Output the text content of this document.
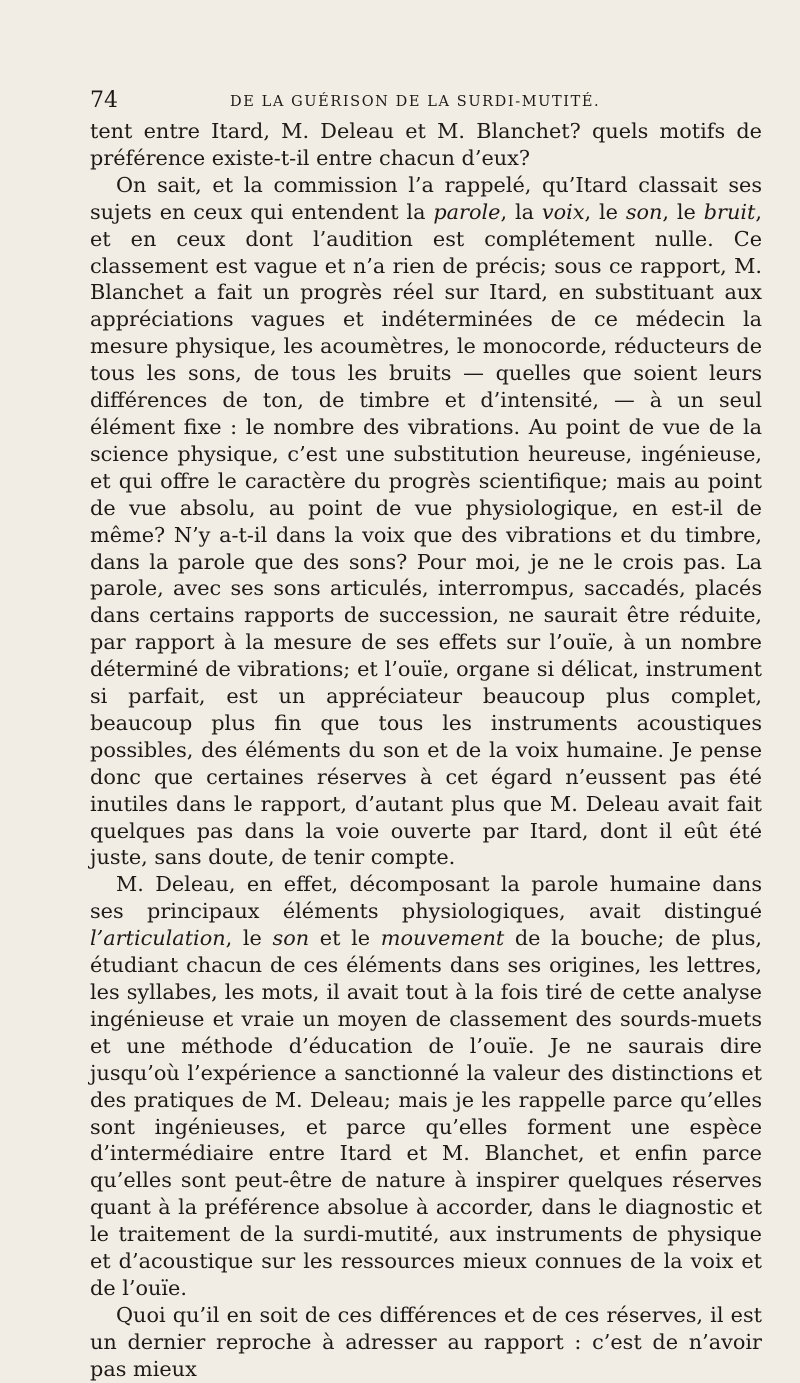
74	DE LA GUÉRISON DE LA SURDI-MUTITÉ.

tent entre Itard, M. Deleau et M. Blanchet? quels motifs de préférence existe-t-il entre chacun d’eux?

On sait, et la commission l’a rappelé, qu’Itard classait ses sujets en ceux qui entendent la parole, la voix, le son, le bruit, et en ceux dont l’audition est complétement nulle. Ce classement est vague et n’a rien de précis; sous ce rapport, M. Blanchet a fait un progrès réel sur Itard, en substituant aux appréciations vagues et indéterminées de ce médecin la mesure physique, les acoumètres, le monocorde, réducteurs de tous les sons, de tous les bruits — quelles que soient leurs différences de ton, de timbre et d’intensité, — à un seul élément fixe : le nombre des vibrations. Au point de vue de la science physique, c’est une substitution heureuse, ingénieuse, et qui offre le caractère du progrès scientifique; mais au point de vue absolu, au point de vue physiologique, en est-il de même? N’y a-t-il dans la voix que des vibrations et du timbre, dans la parole que des sons? Pour moi, je ne le crois pas. La parole, avec ses sons articulés, interrompus, saccadés, placés dans certains rapports de succession, ne saurait être réduite, par rapport à la mesure de ses effets sur l’ouïe, à un nombre déterminé de vibrations; et l’ouïe, organe si délicat, instrument si parfait, est un appréciateur beaucoup plus complet, beaucoup plus fin que tous les instruments acoustiques possibles, des éléments du son et de la voix humaine. Je pense donc que certaines réserves à cet égard n’eussent pas été inutiles dans le rapport, d’autant plus que M. Deleau avait fait quelques pas dans la voie ouverte par Itard, dont il eût été juste, sans doute, de tenir compte.

M. Deleau, en effet, décomposant la parole humaine dans ses principaux éléments physiologiques, avait distingué l’articulation, le son et le mouvement de la bouche; de plus, étudiant chacun de ces éléments dans ses origines, les lettres, les syllabes, les mots, il avait tout à la fois tiré de cette analyse ingénieuse et vraie un moyen de classement des sourds-muets et une méthode d’éducation de l’ouïe. Je ne saurais dire jusqu’où l’expérience a sanctionné la valeur des distinctions et des pratiques de M. Deleau; mais je les rappelle parce qu’elles sont ingénieuses, et parce qu’elles forment une espèce d’intermédiaire entre Itard et M. Blanchet, et enfin parce qu’elles sont peut-être de nature à inspirer quelques réserves quant à la préférence absolue à accorder, dans le diagnostic et le traitement de la surdi-mutité, aux instruments de physique et d’acoustique sur les ressources mieux connues de la voix et de l’ouïe.

Quoi qu’il en soit de ces différences et de ces réserves, il est un dernier reproche à adresser au rapport : c’est de n’avoir pas mieux
